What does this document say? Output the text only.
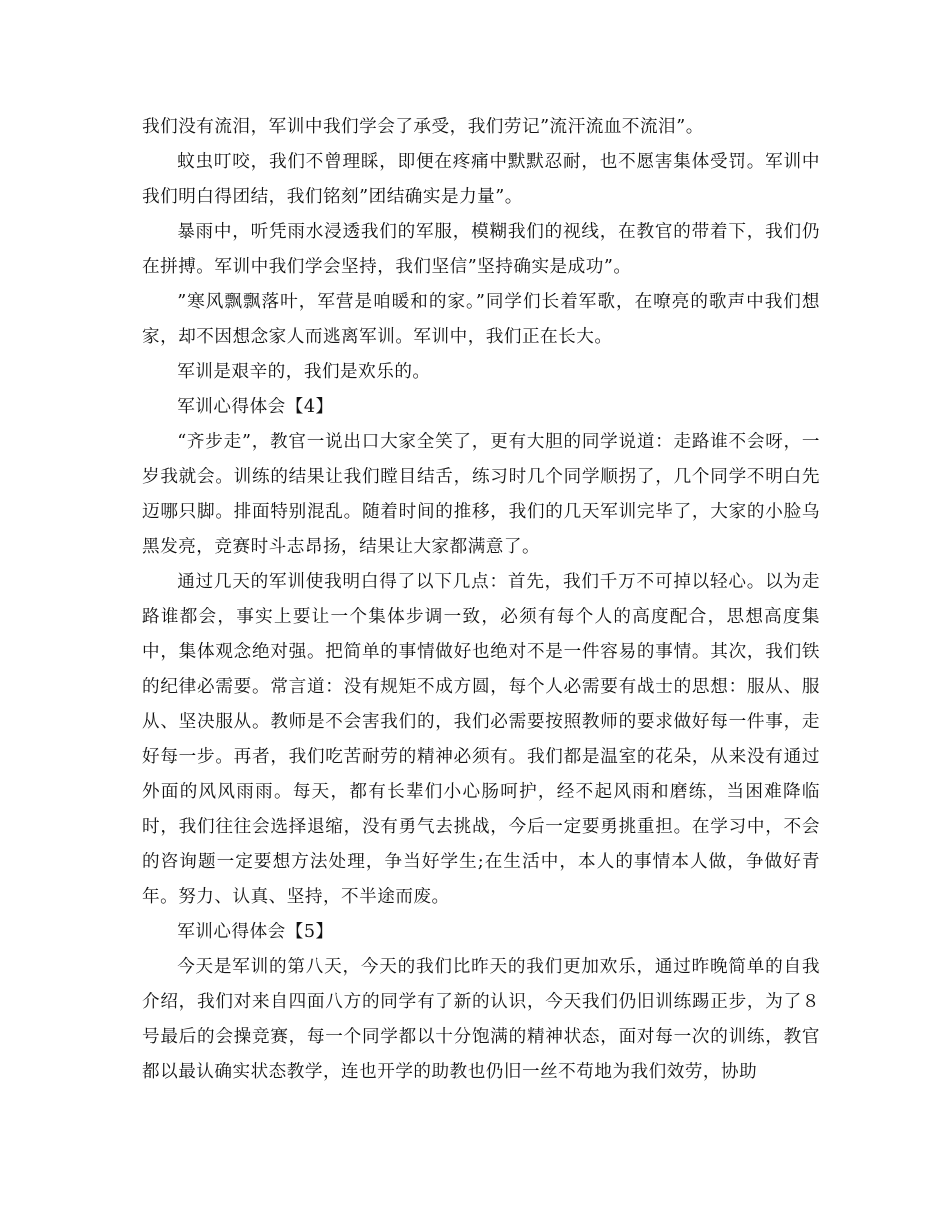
我们没有流泪，军训中我们学会了承受，我们劳记”流汗流血不流泪”。

蚊虫叮咬，我们不曾理睬，即便在疼痛中默默忍耐，也不愿害集体受罚。军训中我们明白得团结，我们铭刻”团结确实是力量”。

暴雨中，听凭雨水浸透我们的军服，模糊我们的视线，在教官的带着下，我们仍在拼搏。军训中我们学会坚持，我们坚信”坚持确实是成功”。

”寒风飘飘落叶，军营是咱暖和的家。”同学们长着军歌，在嘹亮的歌声中我们想家，却不因想念家人而逃离军训。军训中，我们正在长大。

军训是艰辛的，我们是欢乐的。

军训心得体会【4】

“齐步走”，教官一说出口大家全笑了，更有大胆的同学说道：走路谁不会呀，一岁我就会。训练的结果让我们瞠目结舌，练习时几个同学顺拐了，几个同学不明白先迈哪只脚。排面特别混乱。随着时间的推移，我们的几天军训完毕了，大家的小脸乌黑发亮，竞赛时斗志昂扬，结果让大家都满意了。

通过几天的军训使我明白得了以下几点：首先，我们千万不可掉以轻心。以为走路谁都会，事实上要让一个集体步调一致，必须有每个人的高度配合，思想高度集中，集体观念绝对强。把简单的事情做好也绝对不是一件容易的事情。其次，我们铁的纪律必需要。常言道：没有规矩不成方圆，每个人必需要有战士的思想：服从、服从、坚决服从。教师是不会害我们的，我们必需要按照教师的要求做好每一件事，走好每一步。再者，我们吃苦耐劳的精神必须有。我们都是温室的花朵，从来没有通过外面的风风雨雨。每天，都有长辈们小心肠呵护，经不起风雨和磨练，当困难降临时，我们往往会选择退缩，没有勇气去挑战，今后一定要勇挑重担。在学习中，不会的咨询题一定要想方法处理，争当好学生;在生活中，本人的事情本人做，争做好青年。努力、认真、坚持，不半途而废。

军训心得体会【5】

今天是军训的第八天，今天的我们比昨天的我们更加欢乐，通过昨晚简单的自我介绍，我们对来自四面八方的同学有了新的认识，今天我们仍旧训练踢正步，为了８号最后的会操竞赛，每一个同学都以十分饱满的精神状态，面对每一次的训练，教官都以最认确实状态教学，连也开学的助教也仍旧一丝不苟地为我们效劳，协助
